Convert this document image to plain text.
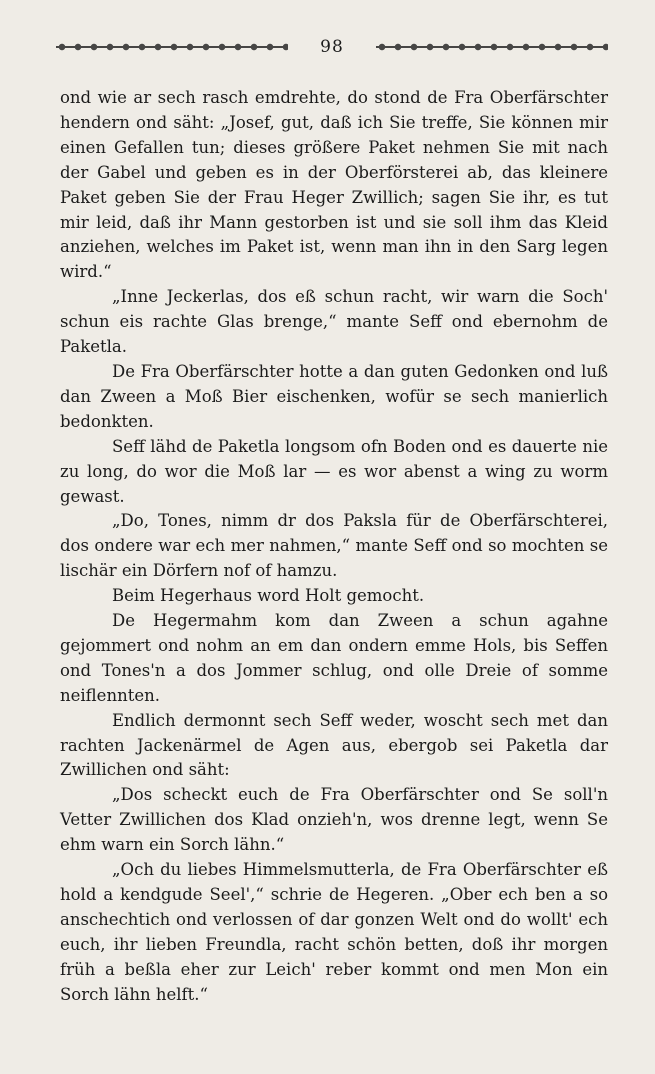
98

ond wie ar sech rasch emdrehte, do stond de Fra Oberfärschter hendern ond säht: „Josef, gut, daß ich Sie treffe, Sie können mir einen Gefallen tun; dieses größere Paket nehmen Sie mit nach der Gabel und geben es in der Oberförsterei ab, das kleinere Paket geben Sie der Frau Heger Zwillich; sagen Sie ihr, es tut mir leid, daß ihr Mann gestorben ist und sie soll ihm das Kleid anziehen, welches im Paket ist, wenn man ihn in den Sarg legen wird.“

„Inne Jeckerlas, dos eß schun racht, wir warn die Soch' schun eis rachte Glas brenge,“ mante Seff ond ebernohm de Paketla.

De Fra Oberfärschter hotte a dan guten Gedonken ond luß dan Zween a Moß Bier eischenken, wofür se sech manierlich bedonkten.

Seff lähd de Paketla longsom ofn Boden ond es dauerte nie zu long, do wor die Moß lar — es wor abenst a wing zu worm gewast.

„Do, Tones, nimm dr dos Paksla für de Oberfärschterei, dos ondere war ech mer nahmen,“ mante Seff ond so mochten se lischär ein Dörfern nof of hamzu.

Beim Hegerhaus word Holt gemocht.

De Hegermahm kom dan Zween a schun agahne gejommert ond nohm an em dan ondern emme Hols, bis Seffen ond Tones'n a dos Jommer schlug, ond olle Dreie of somme neiflennten.

Endlich dermonnt sech Seff weder, woscht sech met dan rachten Jackenärmel de Agen aus, ebergob sei Paketla dar Zwillichen ond säht:

„Dos scheckt euch de Fra Oberfärschter ond Se soll'n Vetter Zwillichen dos Klad onzieh'n, wos drenne legt, wenn Se ehm warn ein Sorch lähn.“

„Och du liebes Himmelsmutterla, de Fra Oberfärschter eß hold a kendgude Seel',“ schrie de Hegeren. „Ober ech ben a so anschechtich ond verlossen of dar gonzen Welt ond do wollt' ech euch, ihr lieben Freundla, racht schön betten, doß ihr morgen früh a beßla eher zur Leich' reber kommt ond men Mon ein Sorch lähn helft.“
